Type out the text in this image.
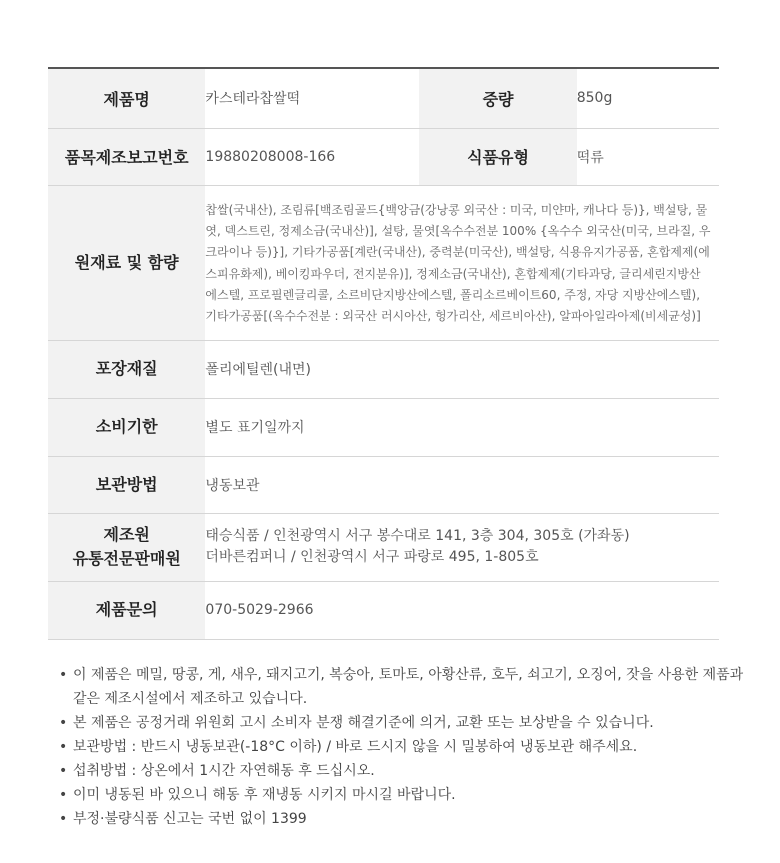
제품명	카스테라찹쌀떡	중량	850g
품목제조보고번호	19880208008-166	식품유형	떡류
원재료 및 함량	찹쌀(국내산), 조림류[백조림골드{백앙금(강낭콩 외국산 : 미국, 미얀마, 캐나다 등)}, 백설탕, 물엿, 덱스트린, 정제소금(국내산)], 설탕, 물엿[옥수수전분 100% {옥수수 외국산(미국, 브라질, 우크라이나 등)}], 기타가공품[계란(국내산), 중력분(미국산), 백설탕, 식용유지가공품, 혼합제제(에스피유화제), 베이킹파우더, 전지분유)], 정제소금(국내산), 혼합제제(기타과당, 글리세린지방산에스텔, 프로필렌글리콜, 소르비단지방산에스텔, 폴리소르베이트60, 주정, 자당 지방산에스텔), 기타가공품[(옥수수전분 : 외국산 러시아산, 헝가리산, 세르비아산), 알파아일라아제(비세균성)]		
포장재질	폴리에틸렌(내면)		
소비기한	별도 표기일까지		
보관방법	냉동보관		

제조원
유통전문판매원	태승식품 / 인천광역시 서구 봉수대로 141, 3층 304, 305호 (가좌동)
더바른컴퍼니 / 인천광역시 서구 파랑로 495, 1-805호		

제품문의	070-5029-2966		
• 이 제품은 메밀, 땅콩, 게, 새우, 돼지고기, 복숭아, 토마토, 아황산류, 호두, 쇠고기, 오징어, 잣을 사용한 제품과 같은 제조시설에서 제조하고 있습니다.
• 본 제품은 공정거래 위원회 고시 소비자 분쟁 해결기준에 의거, 교환 또는 보상받을 수 있습니다.
• 보관방법 : 반드시 냉동보관(-18°C 이하) / 바로 드시지 않을 시 밀봉하여 냉동보관 해주세요.
• 섭취방법 : 상온에서 1시간 자연해동 후 드십시오.
• 이미 냉동된 바 있으니 해동 후 재냉동 시키지 마시길 바랍니다.
• 부정·불량식품 신고는 국번 없이 1399
